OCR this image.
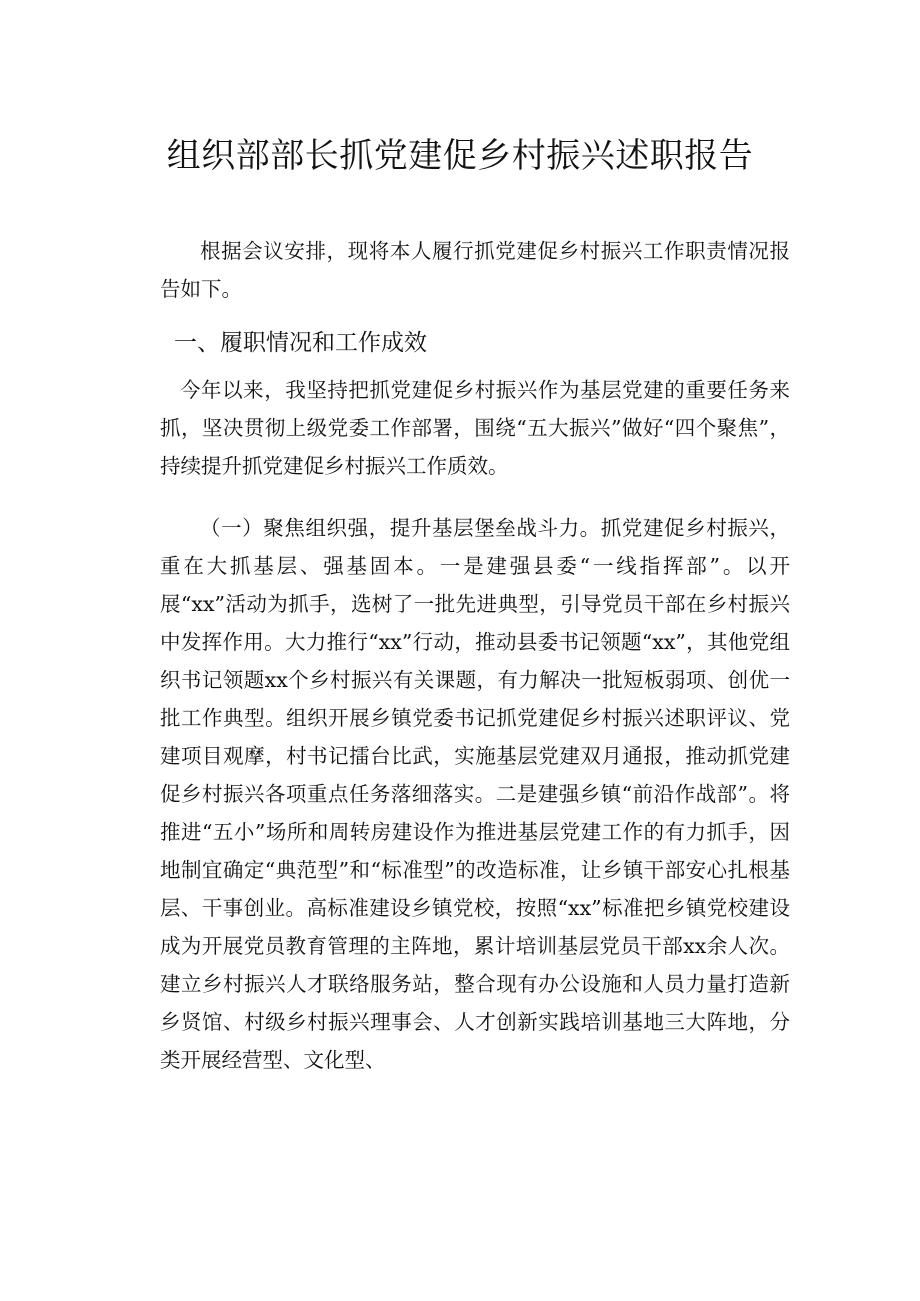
组织部部长抓党建促乡村振兴述职报告

根据会议安排，现将本人履行抓党建促乡村振兴工作职责情况报告如下。

一、履职情况和工作成效

今年以来，我坚持把抓党建促乡村振兴作为基层党建的重要任务来抓，坚决贯彻上级党委工作部署，围绕“五大振兴”做好“四个聚焦”，持续提升抓党建促乡村振兴工作质效。

（一）聚焦组织强，提升基层堡垒战斗力。抓党建促乡村振兴，重在大抓基层、强基固本。一是建强县委“一线指挥部”。以开展“xx”活动为抓手，选树了一批先进典型，引导党员干部在乡村振兴中发挥作用。大力推行“xx”行动，推动县委书记领题“xx”，其他党组织书记领题xx个乡村振兴有关课题，有力解决一批短板弱项、创优一批工作典型。组织开展乡镇党委书记抓党建促乡村振兴述职评议、党建项目观摩，村书记擂台比武，实施基层党建双月通报，推动抓党建促乡村振兴各项重点任务落细落实。二是建强乡镇“前沿作战部”。将推进“五小”场所和周转房建设作为推进基层党建工作的有力抓手，因地制宜确定“典范型”和“标准型”的改造标准，让乡镇干部安心扎根基层、干事创业。高标准建设乡镇党校，按照“xx”标准把乡镇党校建设成为开展党员教育管理的主阵地，累计培训基层党员干部xx余人次。建立乡村振兴人才联络服务站，整合现有办公设施和人员力量打造新乡贤馆、村级乡村振兴理事会、人才创新实践培训基地三大阵地，分类开展经营型、文化型、
